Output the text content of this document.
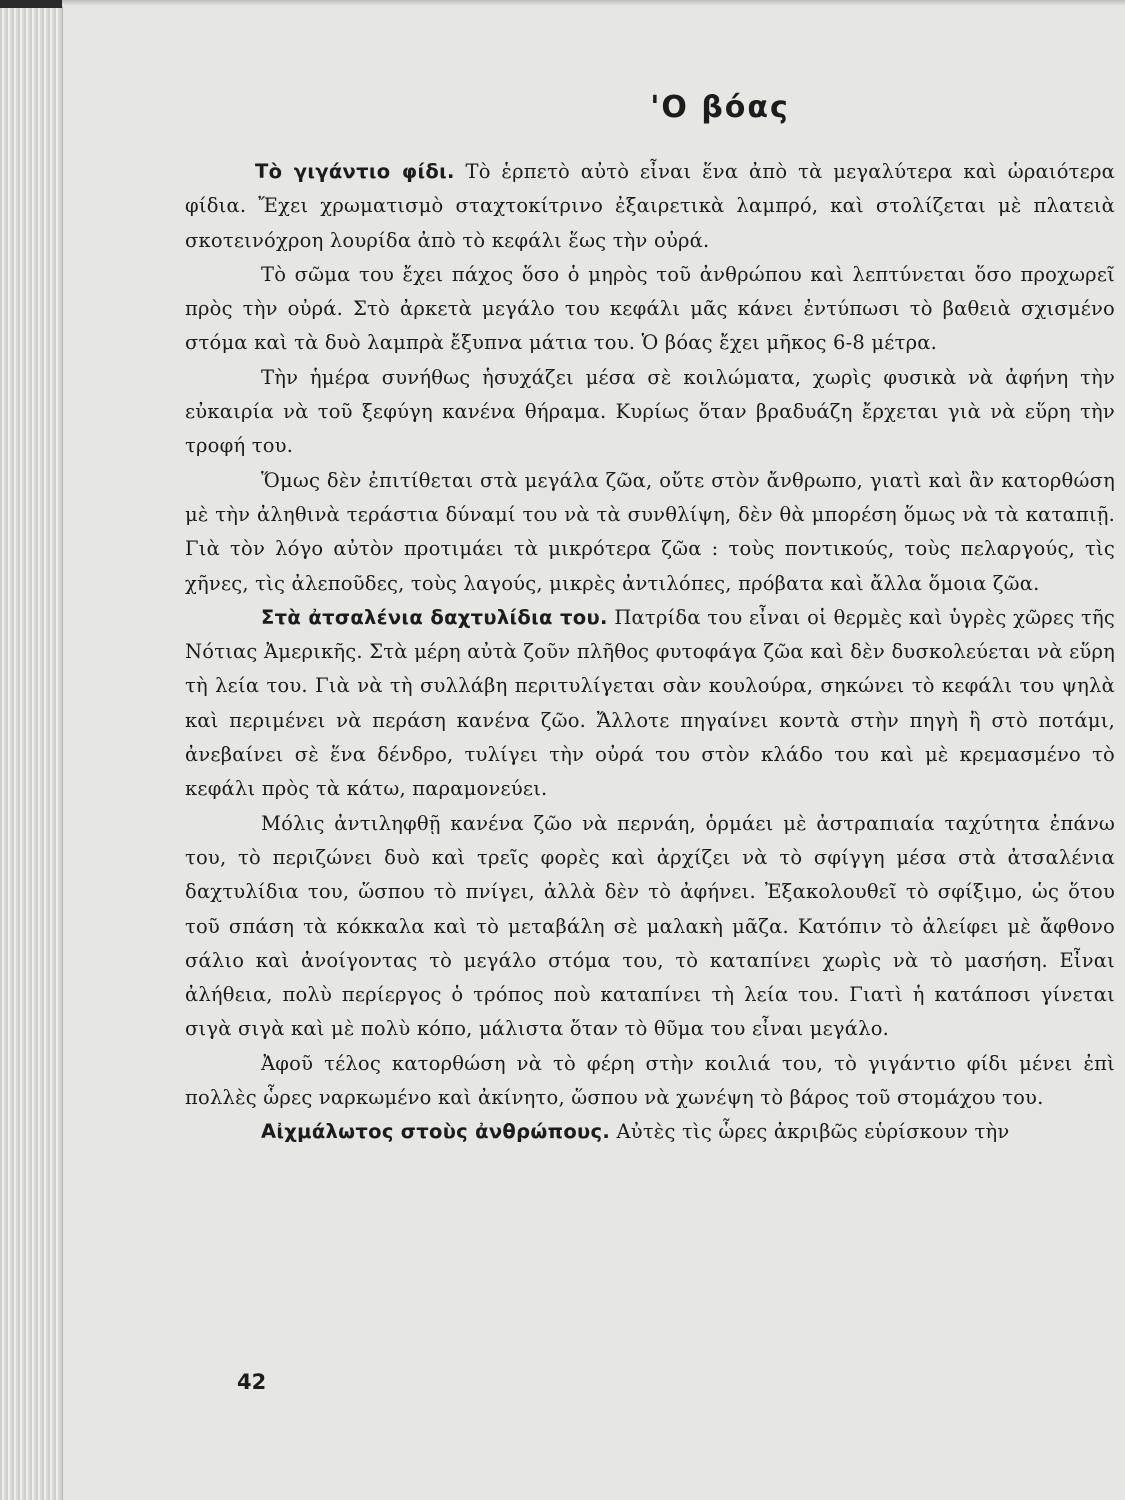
'Ο βόας

Τὸ γιγάντιο φίδι. Τὸ ἑρπετὸ αὐτὸ εἶναι ἕνα ἀπὸ τὰ μεγαλύτερα καὶ ὡραιότερα φίδια. Ἔχει χρωματισμὸ σταχτοκίτρινο ἐξαιρετικὰ λαμπρό, καὶ στολίζεται μὲ πλατειὰ σκοτεινόχροη λουρίδα ἀπὸ τὸ κεφάλι ἕως τὴν οὐρά.

Τὸ σῶμα του ἔχει πάχος ὅσο ὁ μηρὸς τοῦ ἀνθρώπου καὶ λεπτύνεται ὅσο προχωρεῖ πρὸς τὴν οὐρά. Στὸ ἀρκετὰ μεγάλο του κεφάλι μᾶς κάνει ἐντύπωσι τὸ βαθειὰ σχισμένο στόμα καὶ τὰ δυὸ λαμπρὰ ἔξυπνα μάτια του. Ὁ βόας ἔχει μῆκος 6-8 μέτρα.

Τὴν ἡμέρα συνήθως ἡσυχάζει μέσα σὲ κοιλώματα, χωρὶς φυσικὰ νὰ ἀφήνη τὴν εὐκαιρία νὰ τοῦ ξεφύγη κανένα θήραμα. Κυρίως ὅταν βραδυάζη ἔρχεται γιὰ νὰ εὕρη τὴν τροφή του.

Ὅμως δὲν ἐπιτίθεται στὰ μεγάλα ζῶα, οὔτε στὸν ἄνθρωπο, γιατὶ καὶ ἂν κατορθώση μὲ τὴν ἀληθινὰ τεράστια δύναμί του νὰ τὰ συνθλίψη, δὲν θὰ μπορέση ὅμως νὰ τὰ καταπιῇ. Γιὰ τὸν λόγο αὐτὸν προτιμάει τὰ μικρότερα ζῶα : τοὺς ποντικούς, τοὺς πελαργούς, τὶς χῆνες, τὶς ἀλεποῦδες, τοὺς λαγούς, μικρὲς ἀντιλόπες, πρόβατα καὶ ἄλλα ὅμοια ζῶα.

Στὰ ἀτσαλένια δαχτυλίδια του. Πατρίδα του εἶναι οἱ θερμὲς καὶ ὑγρὲς χῶρες τῆς Νότιας Ἀμερικῆς. Στὰ μέρη αὐτὰ ζοῦν πλῆθος φυτοφάγα ζῶα καὶ δὲν δυσκολεύεται νὰ εὕρη τὴ λεία του. Γιὰ νὰ τὴ συλλάβη περιτυλίγεται σὰν κουλούρα, σηκώνει τὸ κεφάλι του ψηλὰ καὶ περιμένει νὰ περάση κανένα ζῶο. Ἄλλοτε πηγαίνει κοντὰ στὴν πηγὴ ἢ στὸ ποτάμι, ἀνεβαίνει σὲ ἕνα δένδρο, τυλίγει τὴν οὐρά του στὸν κλάδο του καὶ μὲ κρεμασμένο τὸ κεφάλι πρὸς τὰ κάτω, παραμονεύει.

Μόλις ἀντιληφθῇ κανένα ζῶο νὰ περνάη, ὁρμάει μὲ ἀστραπιαία ταχύτητα ἐπάνω του, τὸ περιζώνει δυὸ καὶ τρεῖς φορὲς καὶ ἀρχίζει νὰ τὸ σφίγγη μέσα στὰ ἀτσαλένια δαχτυλίδια του, ὥσπου τὸ πνίγει, ἀλλὰ δὲν τὸ ἀφήνει. Ἐξακολουθεῖ τὸ σφίξιμο, ὡς ὅτου τοῦ σπάση τὰ κόκκαλα καὶ τὸ μεταβάλη σὲ μαλακὴ μᾶζα. Κατόπιν τὸ ἀλείφει μὲ ἄφθονο σάλιο καὶ ἀνοίγοντας τὸ μεγάλο στόμα του, τὸ καταπίνει χωρὶς νὰ τὸ μασήση. Εἶναι ἀλήθεια, πολὺ περίεργος ὁ τρόπος ποὺ καταπίνει τὴ λεία του. Γιατὶ ἡ κατάποσι γίνεται σιγὰ σιγὰ καὶ μὲ πολὺ κόπο, μάλιστα ὅταν τὸ θῦμα του εἶναι μεγάλο.

Ἀφοῦ τέλος κατορθώση νὰ τὸ φέρη στὴν κοιλιά του, τὸ γιγάντιο φίδι μένει ἐπὶ πολλὲς ὧρες ναρκωμένο καὶ ἀκίνητο, ὥσπου νὰ χωνέψη τὸ βάρος τοῦ στομάχου του.

Αἰχμάλωτος στοὺς ἀνθρώπους. Αὐτὲς τὶς ὧρες ἀκριβῶς εὑρίσκουν τὴν

42
